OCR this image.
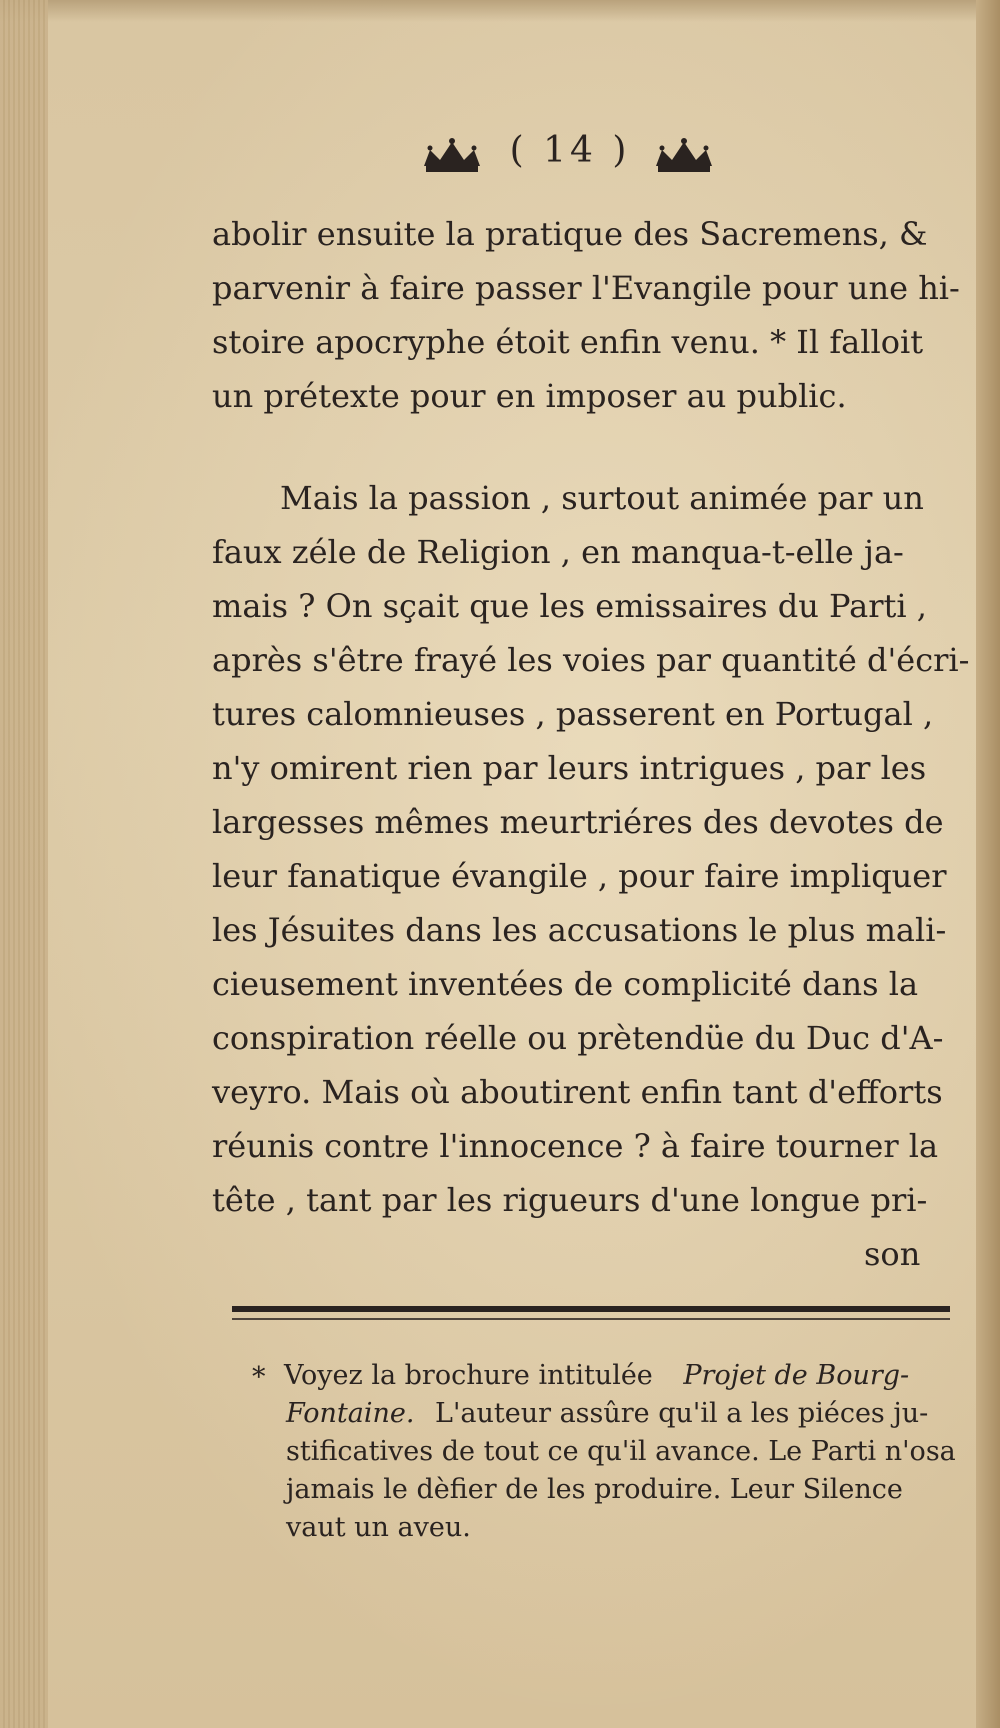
( 14 )
abolir ensuite la pratique des Sacremens, &
parvenir à faire passer l'Evangile pour une hi-
stoire apocryphe étoit enfin venu. * Il falloit
un prétexte pour en imposer au public.
Mais la passion , surtout animée par un
faux zéle de Religion , en manqua-t-elle ja-
mais ? On sçait que les emissaires du Parti ,
après s'être frayé les voies par quantité d'écri-
tures calomnieuses , passerent en Portugal ,
n'y omirent rien par leurs intrigues , par les
largesses mêmes meurtriéres des devotes de
leur fanatique évangile , pour faire impliquer
les Jésuites dans les accusations le plus mali-
cieusement inventées de complicité dans la
conspiration réelle ou prètendüe du Duc d'A-
veyro. Mais où aboutirent enfin tant d'efforts
réunis contre l'innocence ? à faire tourner la
tête , tant par les rigueurs d'une longue pri-
son
* Voyez la brochure intitulée Projet de Bourg-
Fontaine. L'auteur assûre qu'il a les piéces ju-
stificatives de tout ce qu'il avance. Le Parti n'osa
jamais le dèfier de les produire. Leur Silence
vaut un aveu.
